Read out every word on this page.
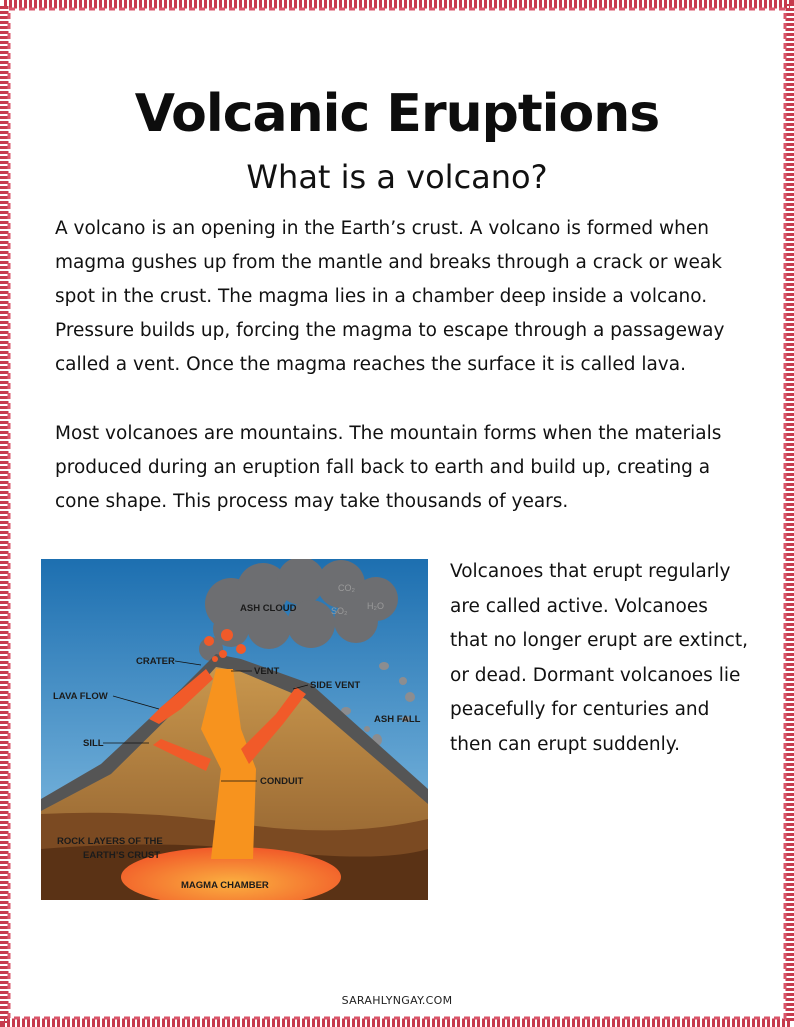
Volcanic Eruptions
What is a volcano?

A volcano is an opening in the Earth’s crust. A volcano is formed when magma gushes up from the mantle and breaks through a crack or weak spot in the crust. The magma lies in a chamber deep inside a volcano. Pressure builds up, forcing the magma to escape through a passageway called a vent. Once the magma reaches the surface it is called lava.

Most volcanoes are mountains. The mountain forms when the materials produced during an eruption fall back to earth and build up, creating a cone shape. This process may take thousands of years.

ASH CLOUD
CO₂
SO₂ H₂O
CRATER
VENT
SIDE VENT
LAVA FLOW
ASH FALL
SILL
CONDUIT
ROCK LAYERS OF THE
EARTH’S CRUST
MAGMA CHAMBER

Volcanoes that erupt regularly are called active. Volcanoes that no longer erupt are extinct, or dead. Dormant volcanoes lie peacefully for centuries and then can erupt suddenly.

SARAHLYNGAY.COM
